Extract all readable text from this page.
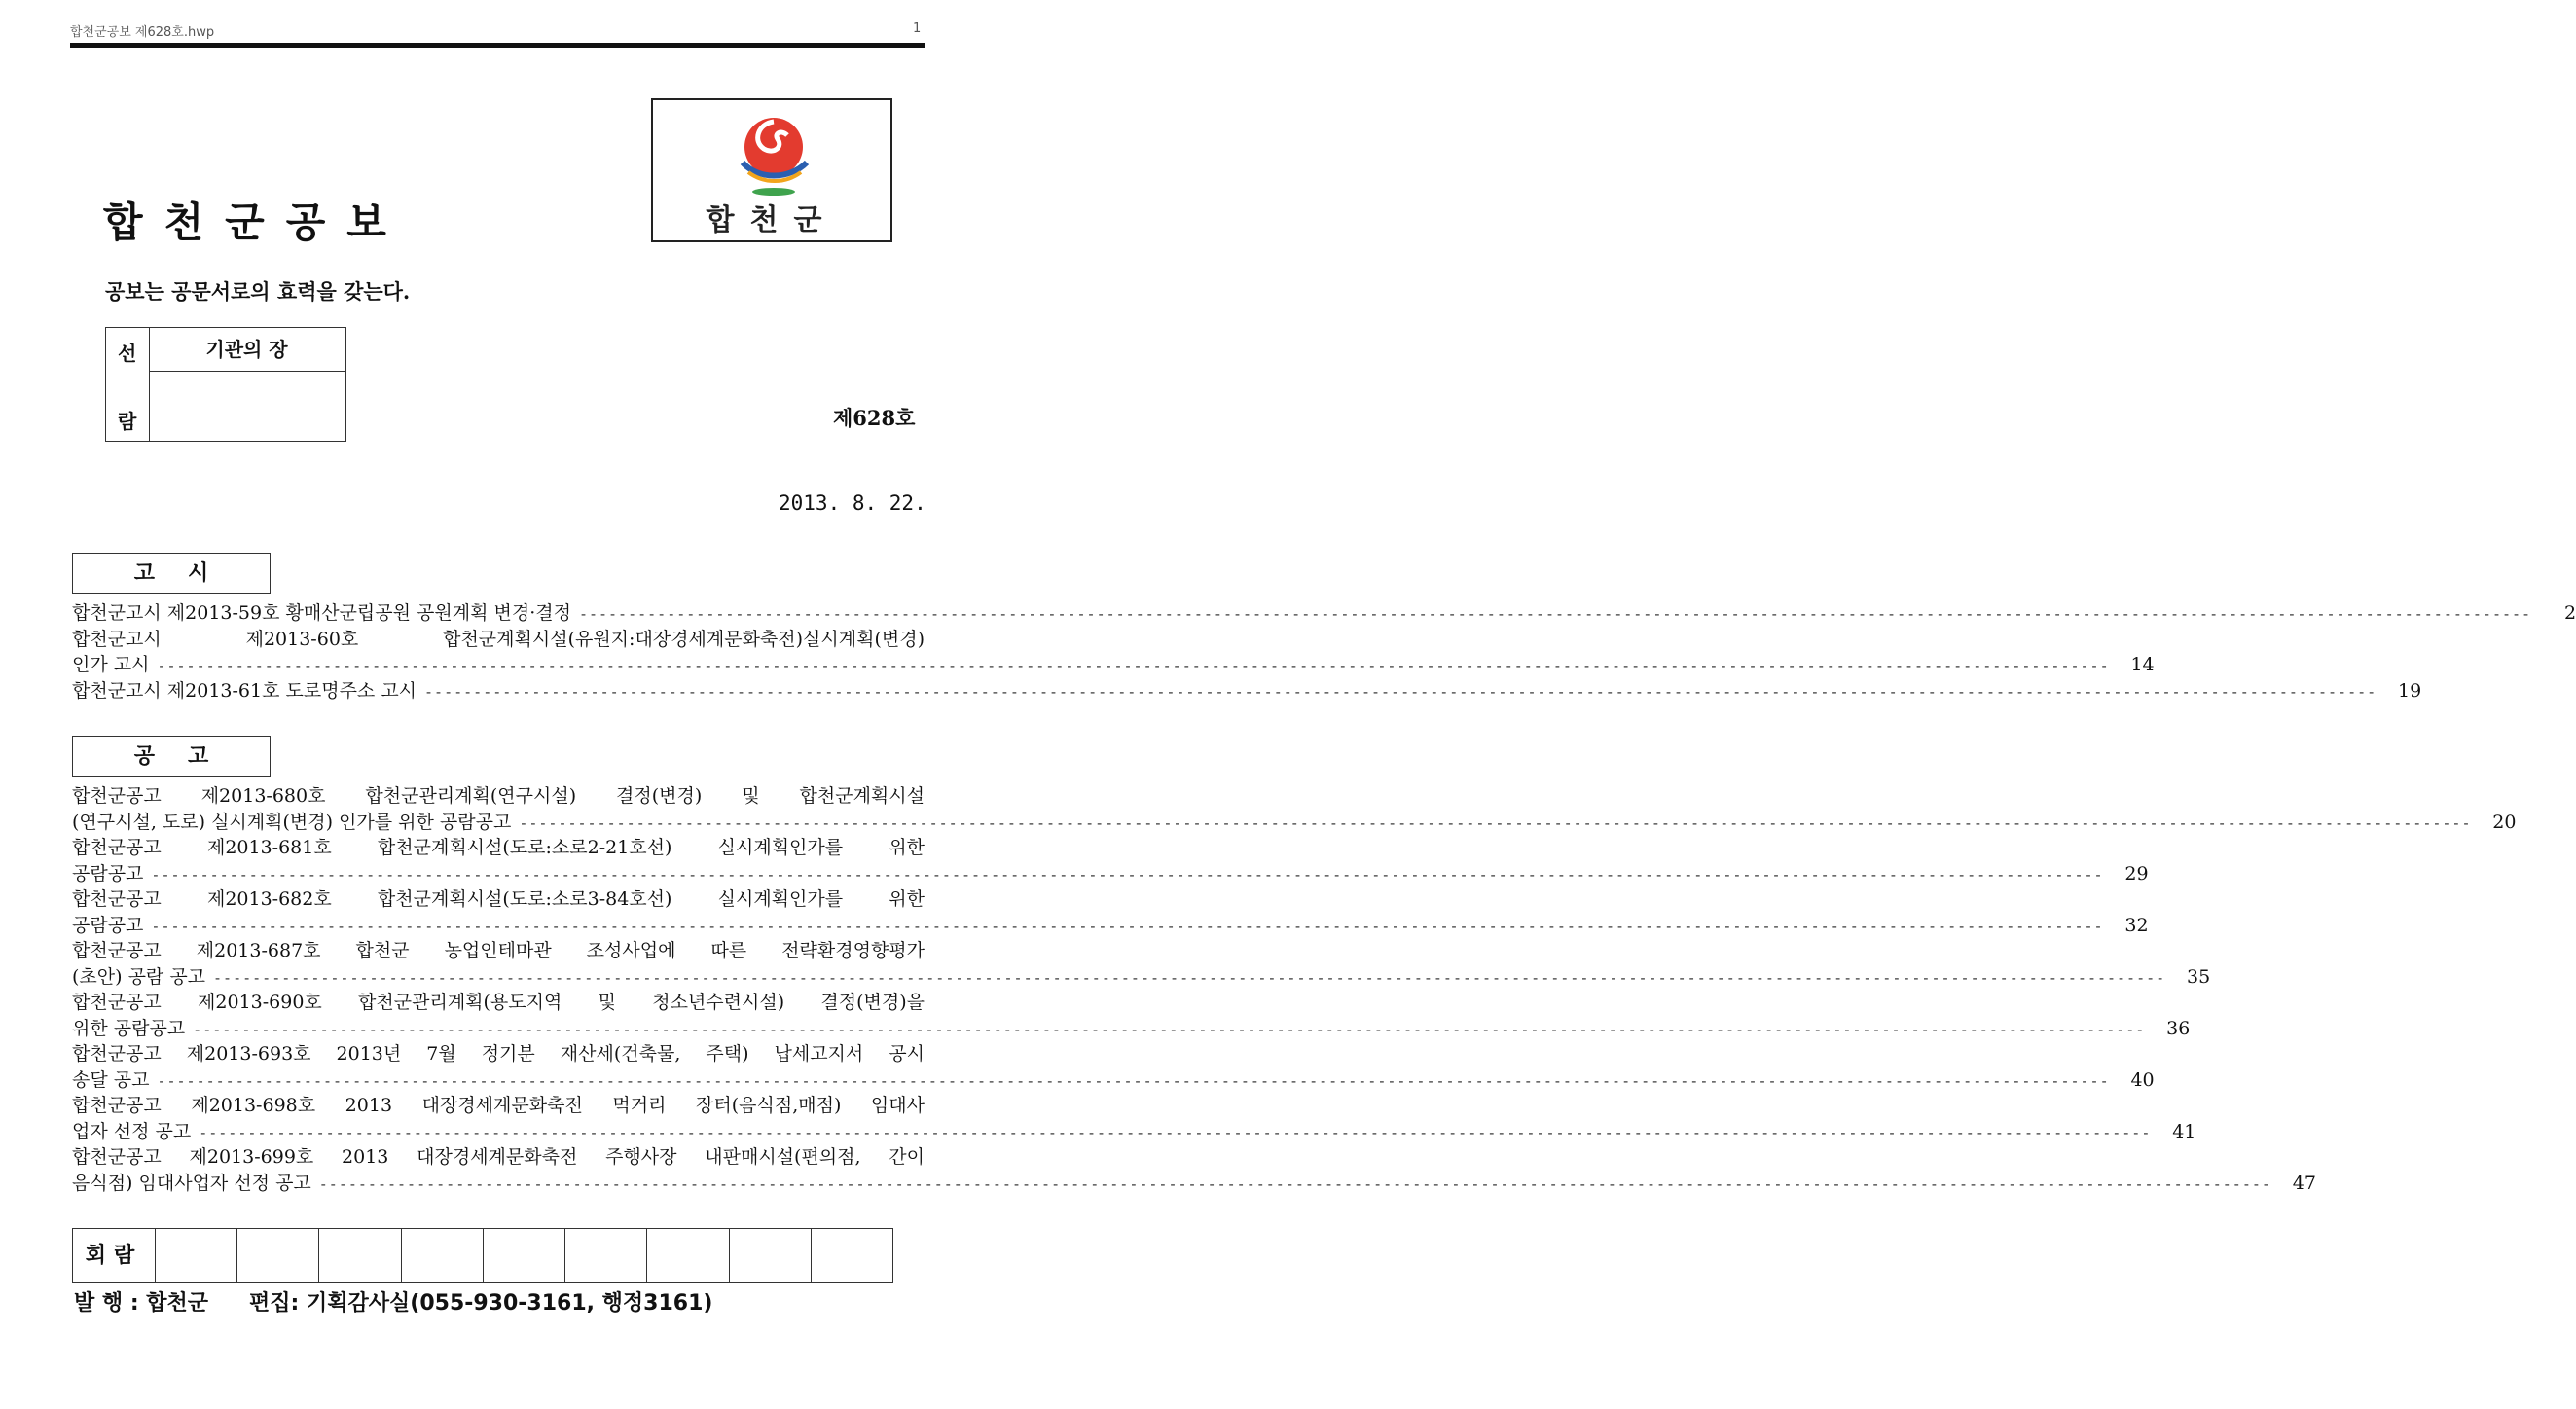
합천군공보 제628호.hwp	1
합천군공보
공보는 공문서로의 효력을 갖는다.
합천군
선
람
기관의 장
제628호
2013. 8. 22.
고시
합천군고시 제2013-59호 황매산군립공원 공원계획 변경·결정 --------------------------------------------------------------------------------------------------------------------------------------------------------------------------------------------------------	2
합천군고시 제2013-60호 합천군계획시설(유원지:대장경세계문화축전)실시계획(변경)
인가 고시 --------------------------------------------------------------------------------------------------------------------------------------------------------------------------------------------------------	14
합천군고시 제2013-61호 도로명주소 고시 --------------------------------------------------------------------------------------------------------------------------------------------------------------------------------------------------------	19
공고
합천군공고 제2013-680호 합천군관리계획(연구시설) 결정(변경) 및 합천군계획시설
(연구시설, 도로) 실시계획(변경) 인가를 위한 공람공고 --------------------------------------------------------------------------------------------------------------------------------------------------------------------------------------------------------	20
합천군공고 제2013-681호 합천군계획시설(도로:소로2-21호선) 실시계획인가를 위한
공람공고 --------------------------------------------------------------------------------------------------------------------------------------------------------------------------------------------------------	29
합천군공고 제2013-682호 합천군계획시설(도로:소로3-84호선) 실시계획인가를 위한
공람공고 --------------------------------------------------------------------------------------------------------------------------------------------------------------------------------------------------------	32
합천군공고 제2013-687호 합천군 농업인테마관 조성사업에 따른 전략환경영향평가
(초안) 공람 공고 --------------------------------------------------------------------------------------------------------------------------------------------------------------------------------------------------------	35
합천군공고 제2013-690호 합천군관리계획(용도지역 및 청소년수련시설) 결정(변경)을
위한 공람공고 --------------------------------------------------------------------------------------------------------------------------------------------------------------------------------------------------------	36
합천군공고 제2013-693호 2013년 7월 정기분 재산세(건축물, 주택) 납세고지서 공시
송달 공고 --------------------------------------------------------------------------------------------------------------------------------------------------------------------------------------------------------	40
합천군공고 제2013-698호 2013 대장경세계문화축전 먹거리 장터(음식점,매점) 임대사
업자 선정 공고 --------------------------------------------------------------------------------------------------------------------------------------------------------------------------------------------------------	41
합천군공고 제2013-699호 2013 대장경세계문화축전 주행사장 내판매시설(편의점, 간이
음식점) 임대사업자 선정 공고 --------------------------------------------------------------------------------------------------------------------------------------------------------------------------------------------------------	47
회람
발 행 : 합천군 편집: 기획감사실(055-930-3161, 행정3161)
